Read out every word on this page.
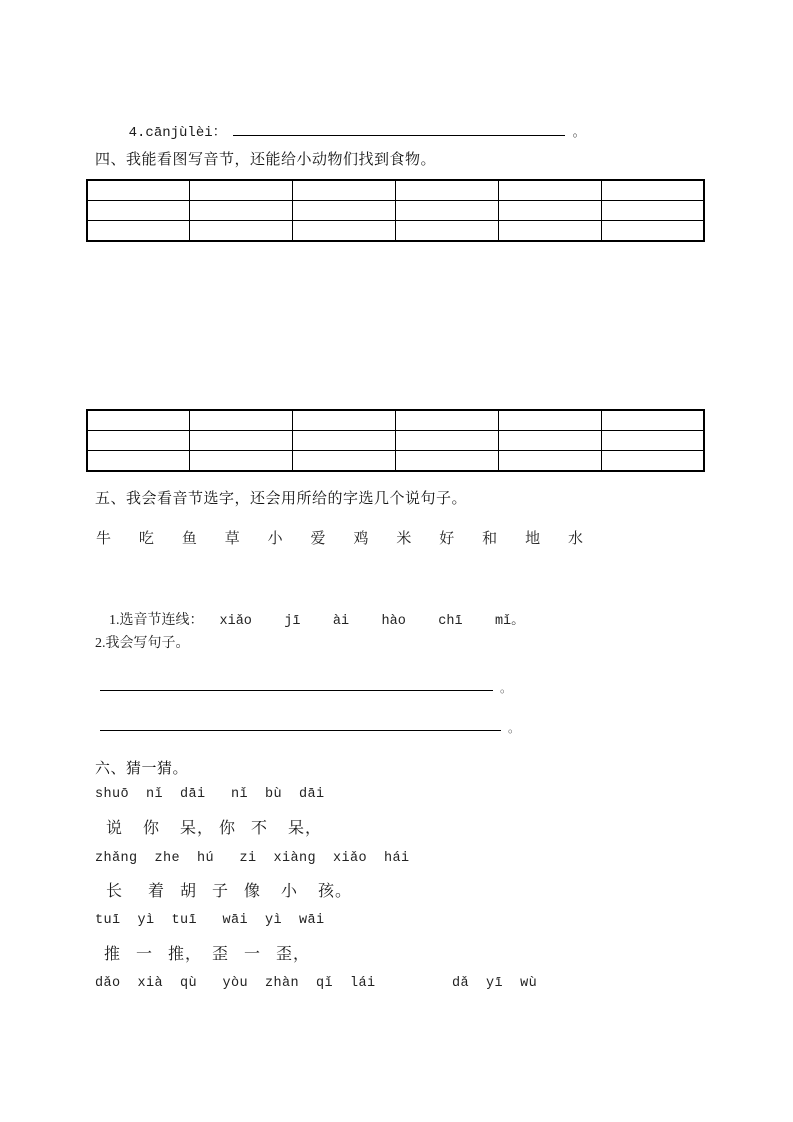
4.cānjùlèi：	。

四、我能看图写音节，还能给小动物们找到食物。

五、我会看音节选字，还会用所给的字选几个说句子。
牛 吃 鱼 草 小 爱 鸡 米 好 和 地 水

1.选音节连线： xiǎo    jī    ài    hào    chī    mǐ。

2.我会写句子。
。
。
六、猜一猜。
shuō  nǐ  dāi   nǐ  bù  dāi
说    你    呆， 你   不    呆，
zhǎng  zhe  hú   zi  xiàng  xiǎo  hái
长     着   胡   子   像    小    孩。
tuī  yì  tuī   wāi  yì  wāi
推   一   推，  歪   一   歪，
dǎo  xià  qù   yòu  zhàn  qǐ  lái         dǎ  yī  wù
